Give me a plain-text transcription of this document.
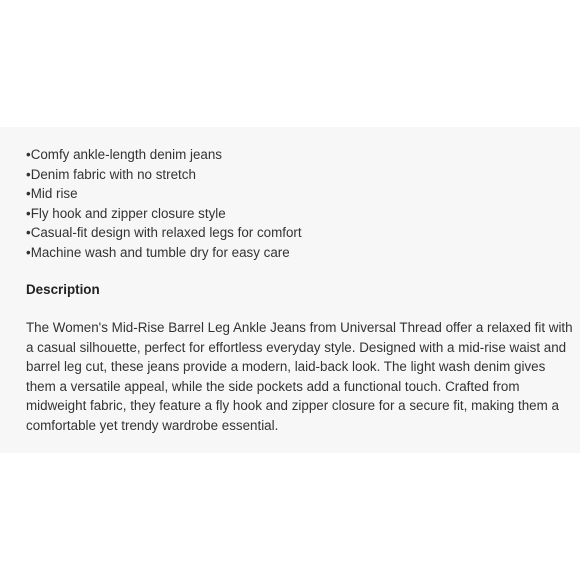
•Comfy ankle-length denim jeans
•Denim fabric with no stretch
•Mid rise
•Fly hook and zipper closure style
•Casual-fit design with relaxed legs for comfort
•Machine wash and tumble dry for easy care
Description

The Women's Mid-Rise Barrel Leg Ankle Jeans from Universal Thread offer a relaxed fit with a casual silhouette, perfect for effortless everyday style. Designed with a mid-rise waist and barrel leg cut, these jeans provide a modern, laid-back look. The light wash denim gives them a versatile appeal, while the side pockets add a functional touch. Crafted from midweight fabric, they feature a fly hook and zipper closure for a secure fit, making them a comfortable yet trendy wardrobe essential.
